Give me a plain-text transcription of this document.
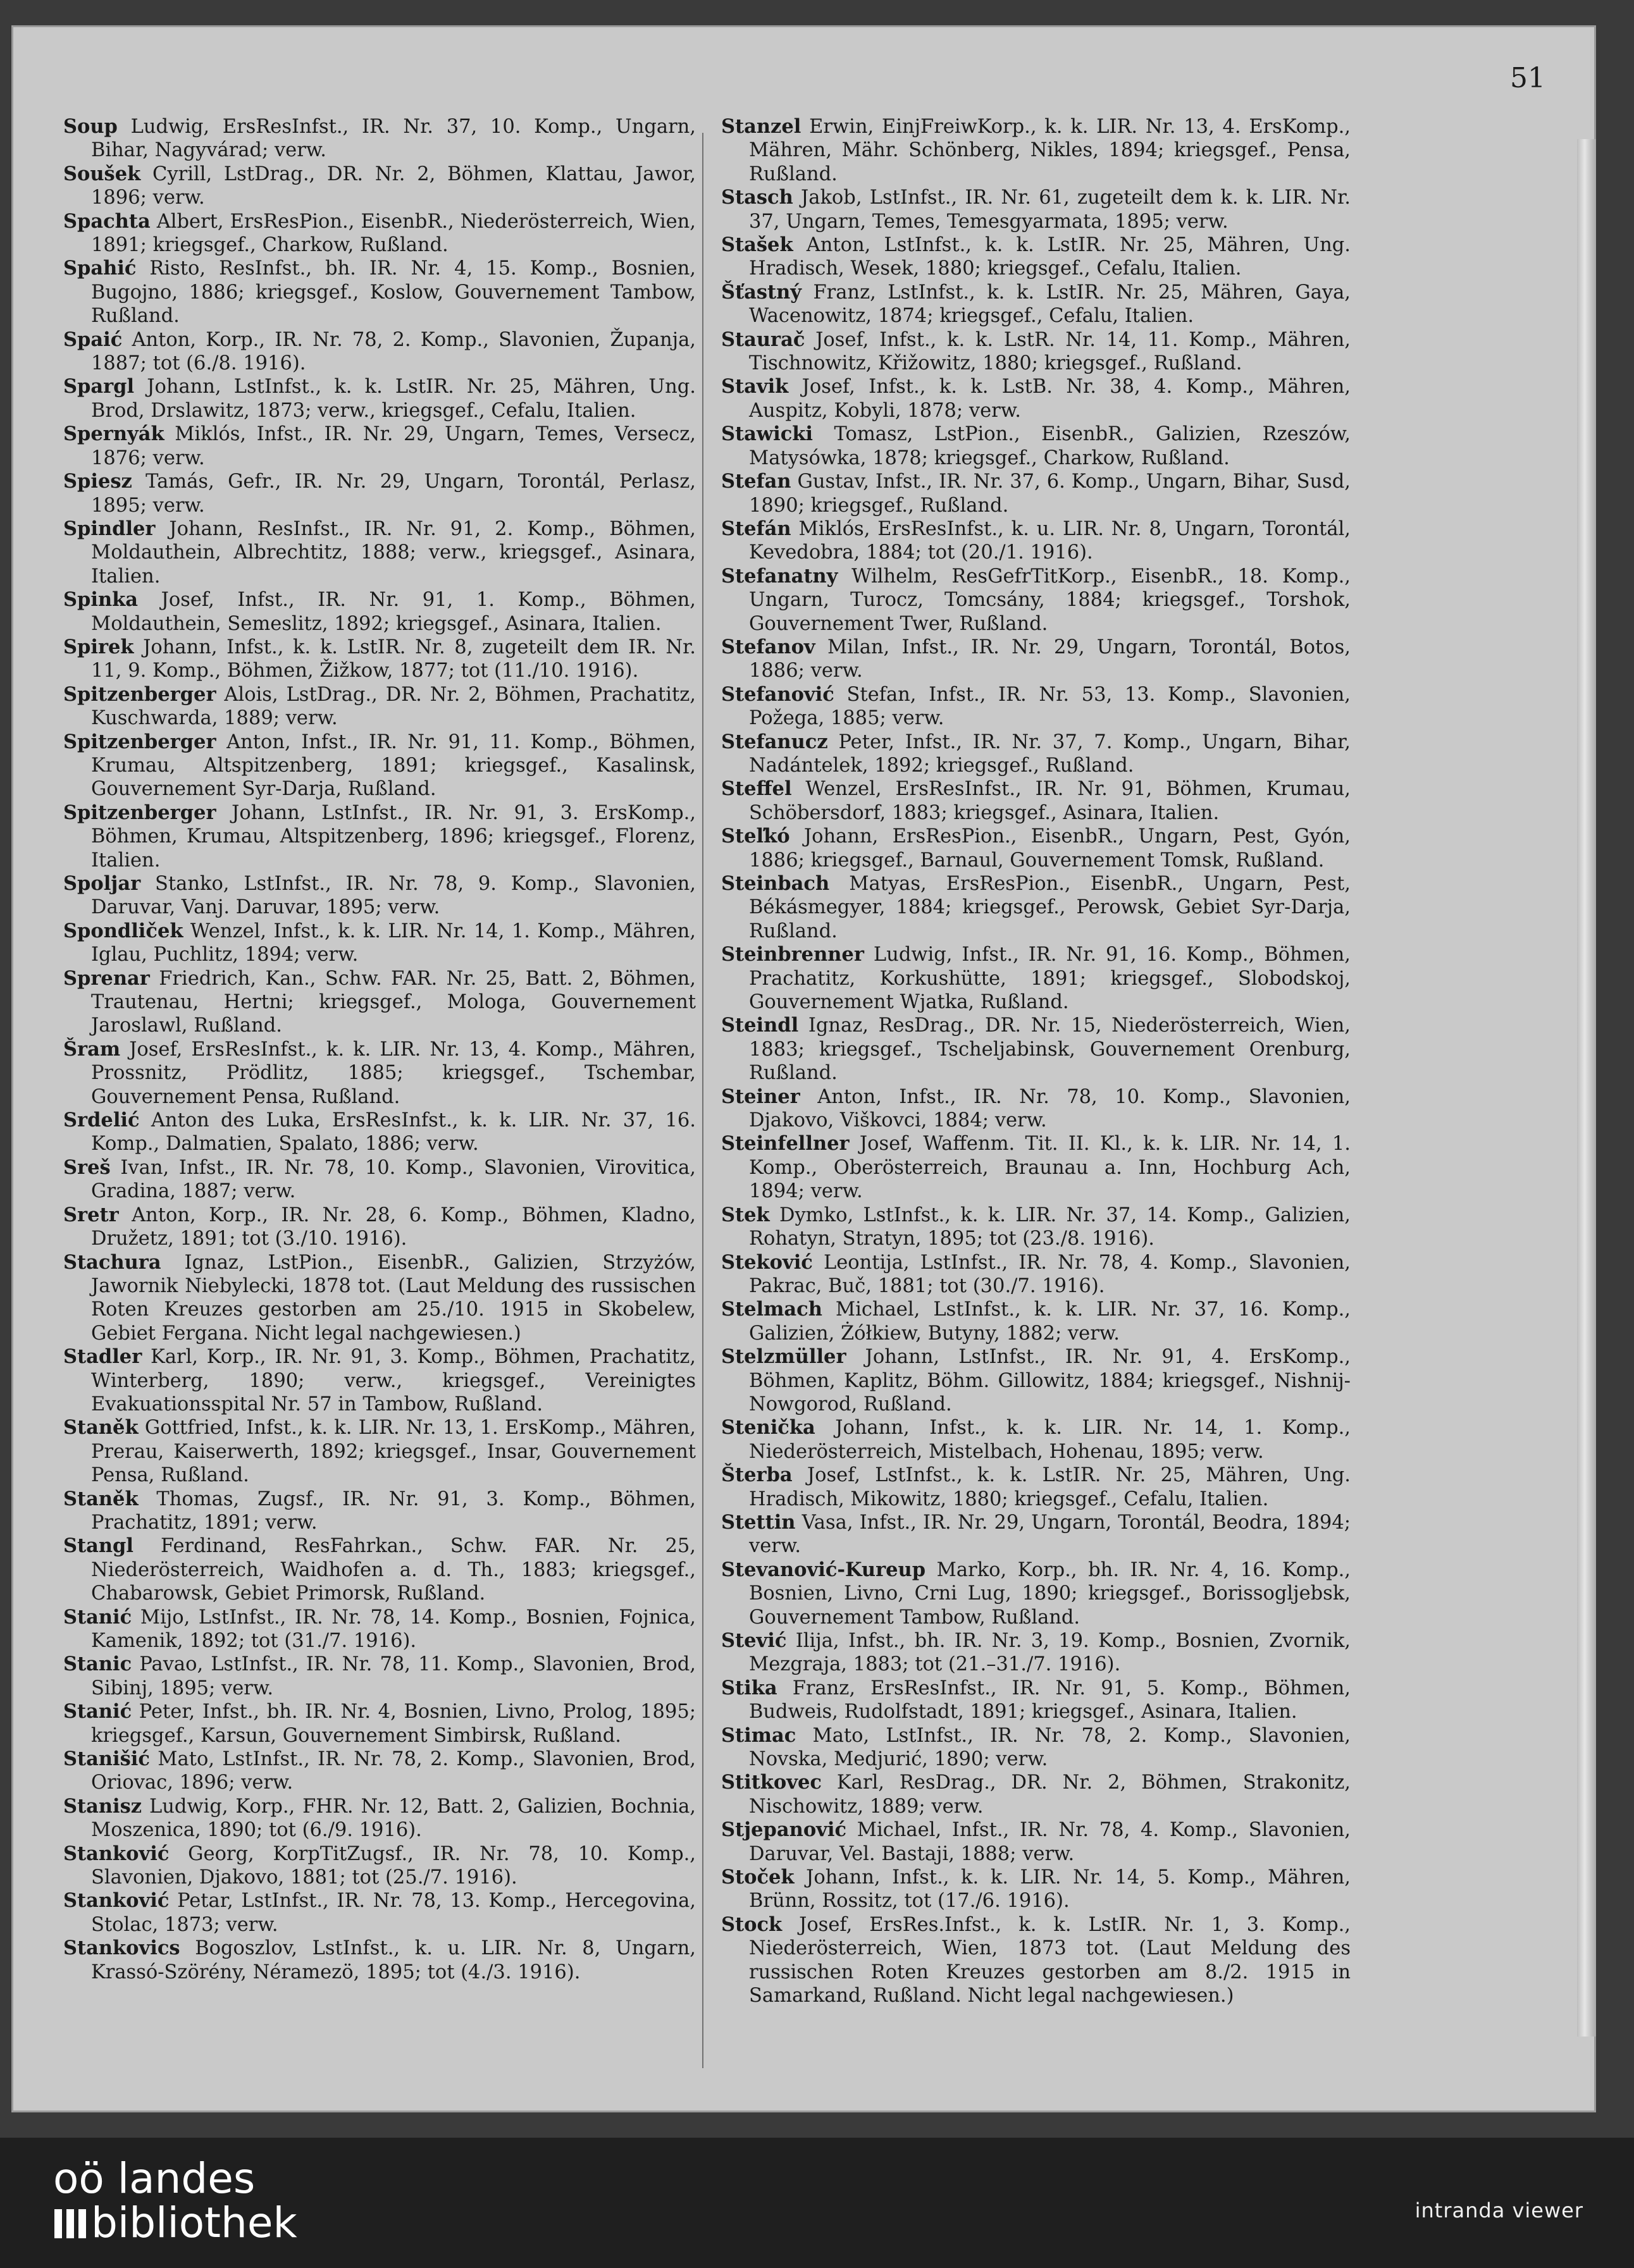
51

Soup Ludwig, ErsResInfst., IR. Nr. 37, 10. Komp., Ungarn, Bihar, Nagyvárad; verw.

Soušek Cyrill, LstDrag., DR. Nr. 2, Böhmen, Klattau, Jawor, 1896; verw.

Spachta Albert, ErsResPion., EisenbR., Niederösterreich, Wien, 1891; kriegsgef., Charkow, Rußland.

Spahić Risto, ResInfst., bh. IR. Nr. 4, 15. Komp., Bosnien, Bugojno, 1886; kriegsgef., Koslow, Gouvernement Tambow, Rußland.

Spaić Anton, Korp., IR. Nr. 78, 2. Komp., Slavonien, Županja, 1887; tot (6./8. 1916).

Spargl Johann, LstInfst., k. k. LstIR. Nr. 25, Mähren, Ung. Brod, Drslawitz, 1873; verw., kriegsgef., Cefalu, Italien.

Spernyák Miklós, Infst., IR. Nr. 29, Ungarn, Temes, Versecz, 1876; verw.

Spiesz Tamás, Gefr., IR. Nr. 29, Ungarn, Torontál, Perlasz, 1895; verw.

Spindler Johann, ResInfst., IR. Nr. 91, 2. Komp., Böhmen, Moldauthein, Albrechtitz, 1888; verw., kriegsgef., Asinara, Italien.

Spinka Josef, Infst., IR. Nr. 91, 1. Komp., Böhmen, Moldauthein, Semeslitz, 1892; kriegsgef., Asinara, Italien.

Spirek Johann, Infst., k. k. LstIR. Nr. 8, zugeteilt dem IR. Nr. 11, 9. Komp., Böhmen, Žižkow, 1877; tot (11./10. 1916).

Spitzenberger Alois, LstDrag., DR. Nr. 2, Böhmen, Prachatitz, Kuschwarda, 1889; verw.

Spitzenberger Anton, Infst., IR. Nr. 91, 11. Komp., Böhmen, Krumau, Altspitzenberg, 1891; kriegsgef., Kasalinsk, Gouvernement Syr-Darja, Rußland.

Spitzenberger Johann, LstInfst., IR. Nr. 91, 3. ErsKomp., Böhmen, Krumau, Altspitzenberg, 1896; kriegsgef., Florenz, Italien.

Spoljar Stanko, LstInfst., IR. Nr. 78, 9. Komp., Slavonien, Daruvar, Vanj. Daruvar, 1895; verw.

Spondliček Wenzel, Infst., k. k. LIR. Nr. 14, 1. Komp., Mähren, Iglau, Puchlitz, 1894; verw.

Sprenar Friedrich, Kan., Schw. FAR. Nr. 25, Batt. 2, Böhmen, Trautenau, Hertni; kriegsgef., Mologa, Gouvernement Jaroslawl, Rußland.

Šram Josef, ErsResInfst., k. k. LIR. Nr. 13, 4. Komp., Mähren, Prossnitz, Prödlitz, 1885; kriegsgef., Tschembar, Gouvernement Pensa, Rußland.

Srdelić Anton des Luka, ErsResInfst., k. k. LIR. Nr. 37, 16. Komp., Dalmatien, Spalato, 1886; verw.

Sreš Ivan, Infst., IR. Nr. 78, 10. Komp., Slavonien, Virovitica, Gradina, 1887; verw.

Sretr Anton, Korp., IR. Nr. 28, 6. Komp., Böhmen, Kladno, Družetz, 1891; tot (3./10. 1916).

Stachura Ignaz, LstPion., EisenbR., Galizien, Strzyżów, Jawornik Niebylecki, 1878 tot. (Laut Meldung des russischen Roten Kreuzes gestorben am 25./10. 1915 in Skobelew, Gebiet Fergana. Nicht legal nachgewiesen.)

Stadler Karl, Korp., IR. Nr. 91, 3. Komp., Böhmen, Prachatitz, Winterberg, 1890; verw., kriegsgef., Vereinigtes Evakuationsspital Nr. 57 in Tambow, Rußland.

Staněk Gottfried, Infst., k. k. LIR. Nr. 13, 1. ErsKomp., Mähren, Prerau, Kaiserwerth, 1892; kriegsgef., Insar, Gouvernement Pensa, Rußland.

Staněk Thomas, Zugsf., IR. Nr. 91, 3. Komp., Böhmen, Prachatitz, 1891; verw.

Stangl Ferdinand, ResFahrkan., Schw. FAR. Nr. 25, Niederösterreich, Waidhofen a. d. Th., 1883; kriegsgef., Chabarowsk, Gebiet Primorsk, Rußland.

Stanić Mijo, LstInfst., IR. Nr. 78, 14. Komp., Bosnien, Fojnica, Kamenik, 1892; tot (31./7. 1916).

Stanic Pavao, LstInfst., IR. Nr. 78, 11. Komp., Slavonien, Brod, Sibinj, 1895; verw.

Stanić Peter, Infst., bh. IR. Nr. 4, Bosnien, Livno, Prolog, 1895; kriegsgef., Karsun, Gouvernement Simbirsk, Rußland.

Stanišić Mato, LstInfst., IR. Nr. 78, 2. Komp., Slavonien, Brod, Oriovac, 1896; verw.

Stanisz Ludwig, Korp., FHR. Nr. 12, Batt. 2, Galizien, Bochnia, Moszenica, 1890; tot (6./9. 1916).

Stanković Georg, KorpTitZugsf., IR. Nr. 78, 10. Komp., Slavonien, Djakovo, 1881; tot (25./7. 1916).

Stanković Petar, LstInfst., IR. Nr. 78, 13. Komp., Hercegovina, Stolac, 1873; verw.

Stankovics Bogoszlov, LstInfst., k. u. LIR. Nr. 8, Ungarn, Krassó-Szörény, Néramezö, 1895; tot (4./3. 1916).

Stanzel Erwin, EinjFreiwKorp., k. k. LIR. Nr. 13, 4. ErsKomp., Mähren, Mähr. Schönberg, Nikles, 1894; kriegsgef., Pensa, Rußland.

Stasch Jakob, LstInfst., IR. Nr. 61, zugeteilt dem k. k. LIR. Nr. 37, Ungarn, Temes, Temesgyarmata, 1895; verw.

Stašek Anton, LstInfst., k. k. LstIR. Nr. 25, Mähren, Ung. Hradisch, Wesek, 1880; kriegsgef., Cefalu, Italien.

Šťastný Franz, LstInfst., k. k. LstIR. Nr. 25, Mähren, Gaya, Wacenowitz, 1874; kriegsgef., Cefalu, Italien.

Staurač Josef, Infst., k. k. LstR. Nr. 14, 11. Komp., Mähren, Tischnowitz, Křižowitz, 1880; kriegsgef., Rußland.

Stavik Josef, Infst., k. k. LstB. Nr. 38, 4. Komp., Mähren, Auspitz, Kobyli, 1878; verw.

Stawicki Tomasz, LstPion., EisenbR., Galizien, Rzeszów, Matysówka, 1878; kriegsgef., Charkow, Rußland.

Stefan Gustav, Infst., IR. Nr. 37, 6. Komp., Ungarn, Bihar, Susd, 1890; kriegsgef., Rußland.

Stefán Miklós, ErsResInfst., k. u. LIR. Nr. 8, Ungarn, Torontál, Kevedobra, 1884; tot (20./1. 1916).

Stefanatny Wilhelm, ResGefrTitKorp., EisenbR., 18. Komp., Ungarn, Turocz, Tomcsány, 1884; kriegsgef., Torshok, Gouvernement Twer, Rußland.

Stefanov Milan, Infst., IR. Nr. 29, Ungarn, Torontál, Botos, 1886; verw.

Stefanović Stefan, Infst., IR. Nr. 53, 13. Komp., Slavonien, Požega, 1885; verw.

Stefanucz Peter, Infst., IR. Nr. 37, 7. Komp., Ungarn, Bihar, Nadántelek, 1892; kriegsgef., Rußland.

Steffel Wenzel, ErsResInfst., IR. Nr. 91, Böhmen, Krumau, Schöbersdorf, 1883; kriegsgef., Asinara, Italien.

Steľkó Johann, ErsResPion., EisenbR., Ungarn, Pest, Gyón, 1886; kriegsgef., Barnaul, Gouvernement Tomsk, Rußland.

Steinbach Matyas, ErsResPion., EisenbR., Ungarn, Pest, Békásmegyer, 1884; kriegsgef., Perowsk, Gebiet Syr-Darja, Rußland.

Steinbrenner Ludwig, Infst., IR. Nr. 91, 16. Komp., Böhmen, Prachatitz, Korkushütte, 1891; kriegsgef., Slobodskoj, Gouvernement Wjatka, Rußland.

Steindl Ignaz, ResDrag., DR. Nr. 15, Niederösterreich, Wien, 1883; kriegsgef., Tscheljabinsk, Gouvernement Orenburg, Rußland.

Steiner Anton, Infst., IR. Nr. 78, 10. Komp., Slavonien, Djakovo, Viškovci, 1884; verw.

Steinfellner Josef, Waffenm. Tit. II. Kl., k. k. LIR. Nr. 14, 1. Komp., Oberösterreich, Braunau a. Inn, Hochburg Ach, 1894; verw.

Stek Dymko, LstInfst., k. k. LIR. Nr. 37, 14. Komp., Galizien, Rohatyn, Stratyn, 1895; tot (23./8. 1916).

Steković Leontija, LstInfst., IR. Nr. 78, 4. Komp., Slavonien, Pakrac, Buč, 1881; tot (30./7. 1916).

Stelmach Michael, LstInfst., k. k. LIR. Nr. 37, 16. Komp., Galizien, Żółkiew, Butyny, 1882; verw.

Stelzmüller Johann, LstInfst., IR. Nr. 91, 4. ErsKomp., Böhmen, Kaplitz, Böhm. Gillowitz, 1884; kriegsgef., Nishnij-Nowgorod, Rußland.

Stenička Johann, Infst., k. k. LIR. Nr. 14, 1. Komp., Niederösterreich, Mistelbach, Hohenau, 1895; verw.

Šterba Josef, LstInfst., k. k. LstIR. Nr. 25, Mähren, Ung. Hradisch, Mikowitz, 1880; kriegsgef., Cefalu, Italien.

Stettin Vasa, Infst., IR. Nr. 29, Ungarn, Torontál, Beodra, 1894; verw.

Stevanović-Kureup Marko, Korp., bh. IR. Nr. 4, 16. Komp., Bosnien, Livno, Crni Lug, 1890; kriegsgef., Borissogljebsk, Gouvernement Tambow, Rußland.

Stević Ilija, Infst., bh. IR. Nr. 3, 19. Komp., Bosnien, Zvornik, Mezgraja, 1883; tot (21.–31./7. 1916).

Stika Franz, ErsResInfst., IR. Nr. 91, 5. Komp., Böhmen, Budweis, Rudolfstadt, 1891; kriegsgef., Asinara, Italien.

Stimac Mato, LstInfst., IR. Nr. 78, 2. Komp., Slavonien, Novska, Medjurić, 1890; verw.

Stitkovec Karl, ResDrag., DR. Nr. 2, Böhmen, Strakonitz, Nischowitz, 1889; verw.

Stjepanović Michael, Infst., IR. Nr. 78, 4. Komp., Slavonien, Daruvar, Vel. Bastaji, 1888; verw.

Stoček Johann, Infst., k. k. LIR. Nr. 14, 5. Komp., Mähren, Brünn, Rossitz, tot (17./6. 1916).

Stock Josef, ErsRes.Infst., k. k. LstIR. Nr. 1, 3. Komp., Niederösterreich, Wien, 1873 tot. (Laut Meldung des russischen Roten Kreuzes gestorben am 8./2. 1915 in Samarkand, Rußland. Nicht legal nachgewiesen.)

oö landes
bibliothek	intranda viewer
